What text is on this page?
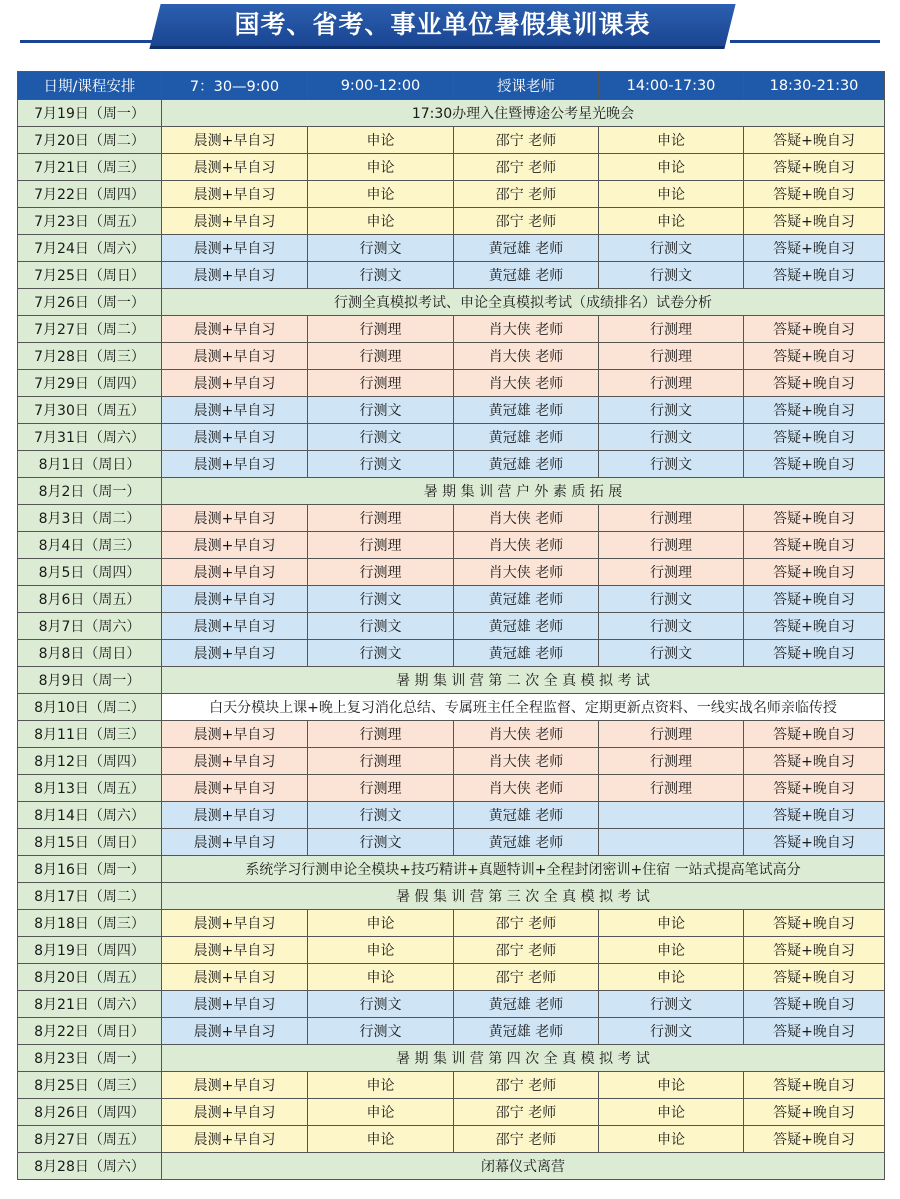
国考、省考、事业单位暑假集训课表
日期/课程安排	7：30—9:00	9:00-12:00	授课老师	14:00-17:30	18:30-21:30
7月19日（周一）	17:30办理入住暨博途公考星光晚会				
7月20日（周二）	晨测+早自习	申论	邵宁 老师	申论	答疑+晚自习
7月21日（周三）	晨测+早自习	申论	邵宁 老师	申论	答疑+晚自习
7月22日（周四）	晨测+早自习	申论	邵宁 老师	申论	答疑+晚自习
7月23日（周五）	晨测+早自习	申论	邵宁 老师	申论	答疑+晚自习
7月24日（周六）	晨测+早自习	行测文	黄冠雄 老师	行测文	答疑+晚自习
7月25日（周日）	晨测+早自习	行测文	黄冠雄 老师	行测文	答疑+晚自习
7月26日（周一）	行测全真模拟考试、申论全真模拟考试（成绩排名）试卷分析				
7月27日（周二）	晨测+早自习	行测理	肖大侠 老师	行测理	答疑+晚自习
7月28日（周三）	晨测+早自习	行测理	肖大侠 老师	行测理	答疑+晚自习
7月29日（周四）	晨测+早自习	行测理	肖大侠 老师	行测理	答疑+晚自习
7月30日（周五）	晨测+早自习	行测文	黄冠雄 老师	行测文	答疑+晚自习
7月31日（周六）	晨测+早自习	行测文	黄冠雄 老师	行测文	答疑+晚自习
8月1日（周日）	晨测+早自习	行测文	黄冠雄 老师	行测文	答疑+晚自习
8月2日（周一）	暑 期 集 训 营 户 外 素 质 拓 展				
8月3日（周二）	晨测+早自习	行测理	肖大侠 老师	行测理	答疑+晚自习
8月4日（周三）	晨测+早自习	行测理	肖大侠 老师	行测理	答疑+晚自习
8月5日（周四）	晨测+早自习	行测理	肖大侠 老师	行测理	答疑+晚自习
8月6日（周五）	晨测+早自习	行测文	黄冠雄 老师	行测文	答疑+晚自习
8月7日（周六）	晨测+早自习	行测文	黄冠雄 老师	行测文	答疑+晚自习
8月8日（周日）	晨测+早自习	行测文	黄冠雄 老师	行测文	答疑+晚自习
8月9日（周一）	暑 期 集 训 营 第 二 次 全 真 模 拟 考 试				
8月10日（周二）	白天分模块上课+晚上复习消化总结、专属班主任全程监督、定期更新点资料、一线实战名师亲临传授				
8月11日（周三）	晨测+早自习	行测理	肖大侠 老师	行测理	答疑+晚自习
8月12日（周四）	晨测+早自习	行测理	肖大侠 老师	行测理	答疑+晚自习
8月13日（周五）	晨测+早自习	行测理	肖大侠 老师	行测理	答疑+晚自习
8月14日（周六）	晨测+早自习	行测文	黄冠雄 老师		答疑+晚自习
8月15日（周日）	晨测+早自习	行测文	黄冠雄 老师		答疑+晚自习
8月16日（周一）	系统学习行测申论全模块+技巧精讲+真题特训+全程封闭密训+住宿 一站式提高笔试高分				
8月17日（周二）	暑 假 集 训 营 第 三 次 全 真 模 拟 考 试				
8月18日（周三）	晨测+早自习	申论	邵宁 老师	申论	答疑+晚自习
8月19日（周四）	晨测+早自习	申论	邵宁 老师	申论	答疑+晚自习
8月20日（周五）	晨测+早自习	申论	邵宁 老师	申论	答疑+晚自习
8月21日（周六）	晨测+早自习	行测文	黄冠雄 老师	行测文	答疑+晚自习
8月22日（周日）	晨测+早自习	行测文	黄冠雄 老师	行测文	答疑+晚自习
8月23日（周一）	暑 期 集 训 营 第 四 次 全 真 模 拟 考 试				
8月25日（周三）	晨测+早自习	申论	邵宁 老师	申论	答疑+晚自习
8月26日（周四）	晨测+早自习	申论	邵宁 老师	申论	答疑+晚自习
8月27日（周五）	晨测+早自习	申论	邵宁 老师	申论	答疑+晚自习
8月28日（周六）	闭幕仪式离营				
